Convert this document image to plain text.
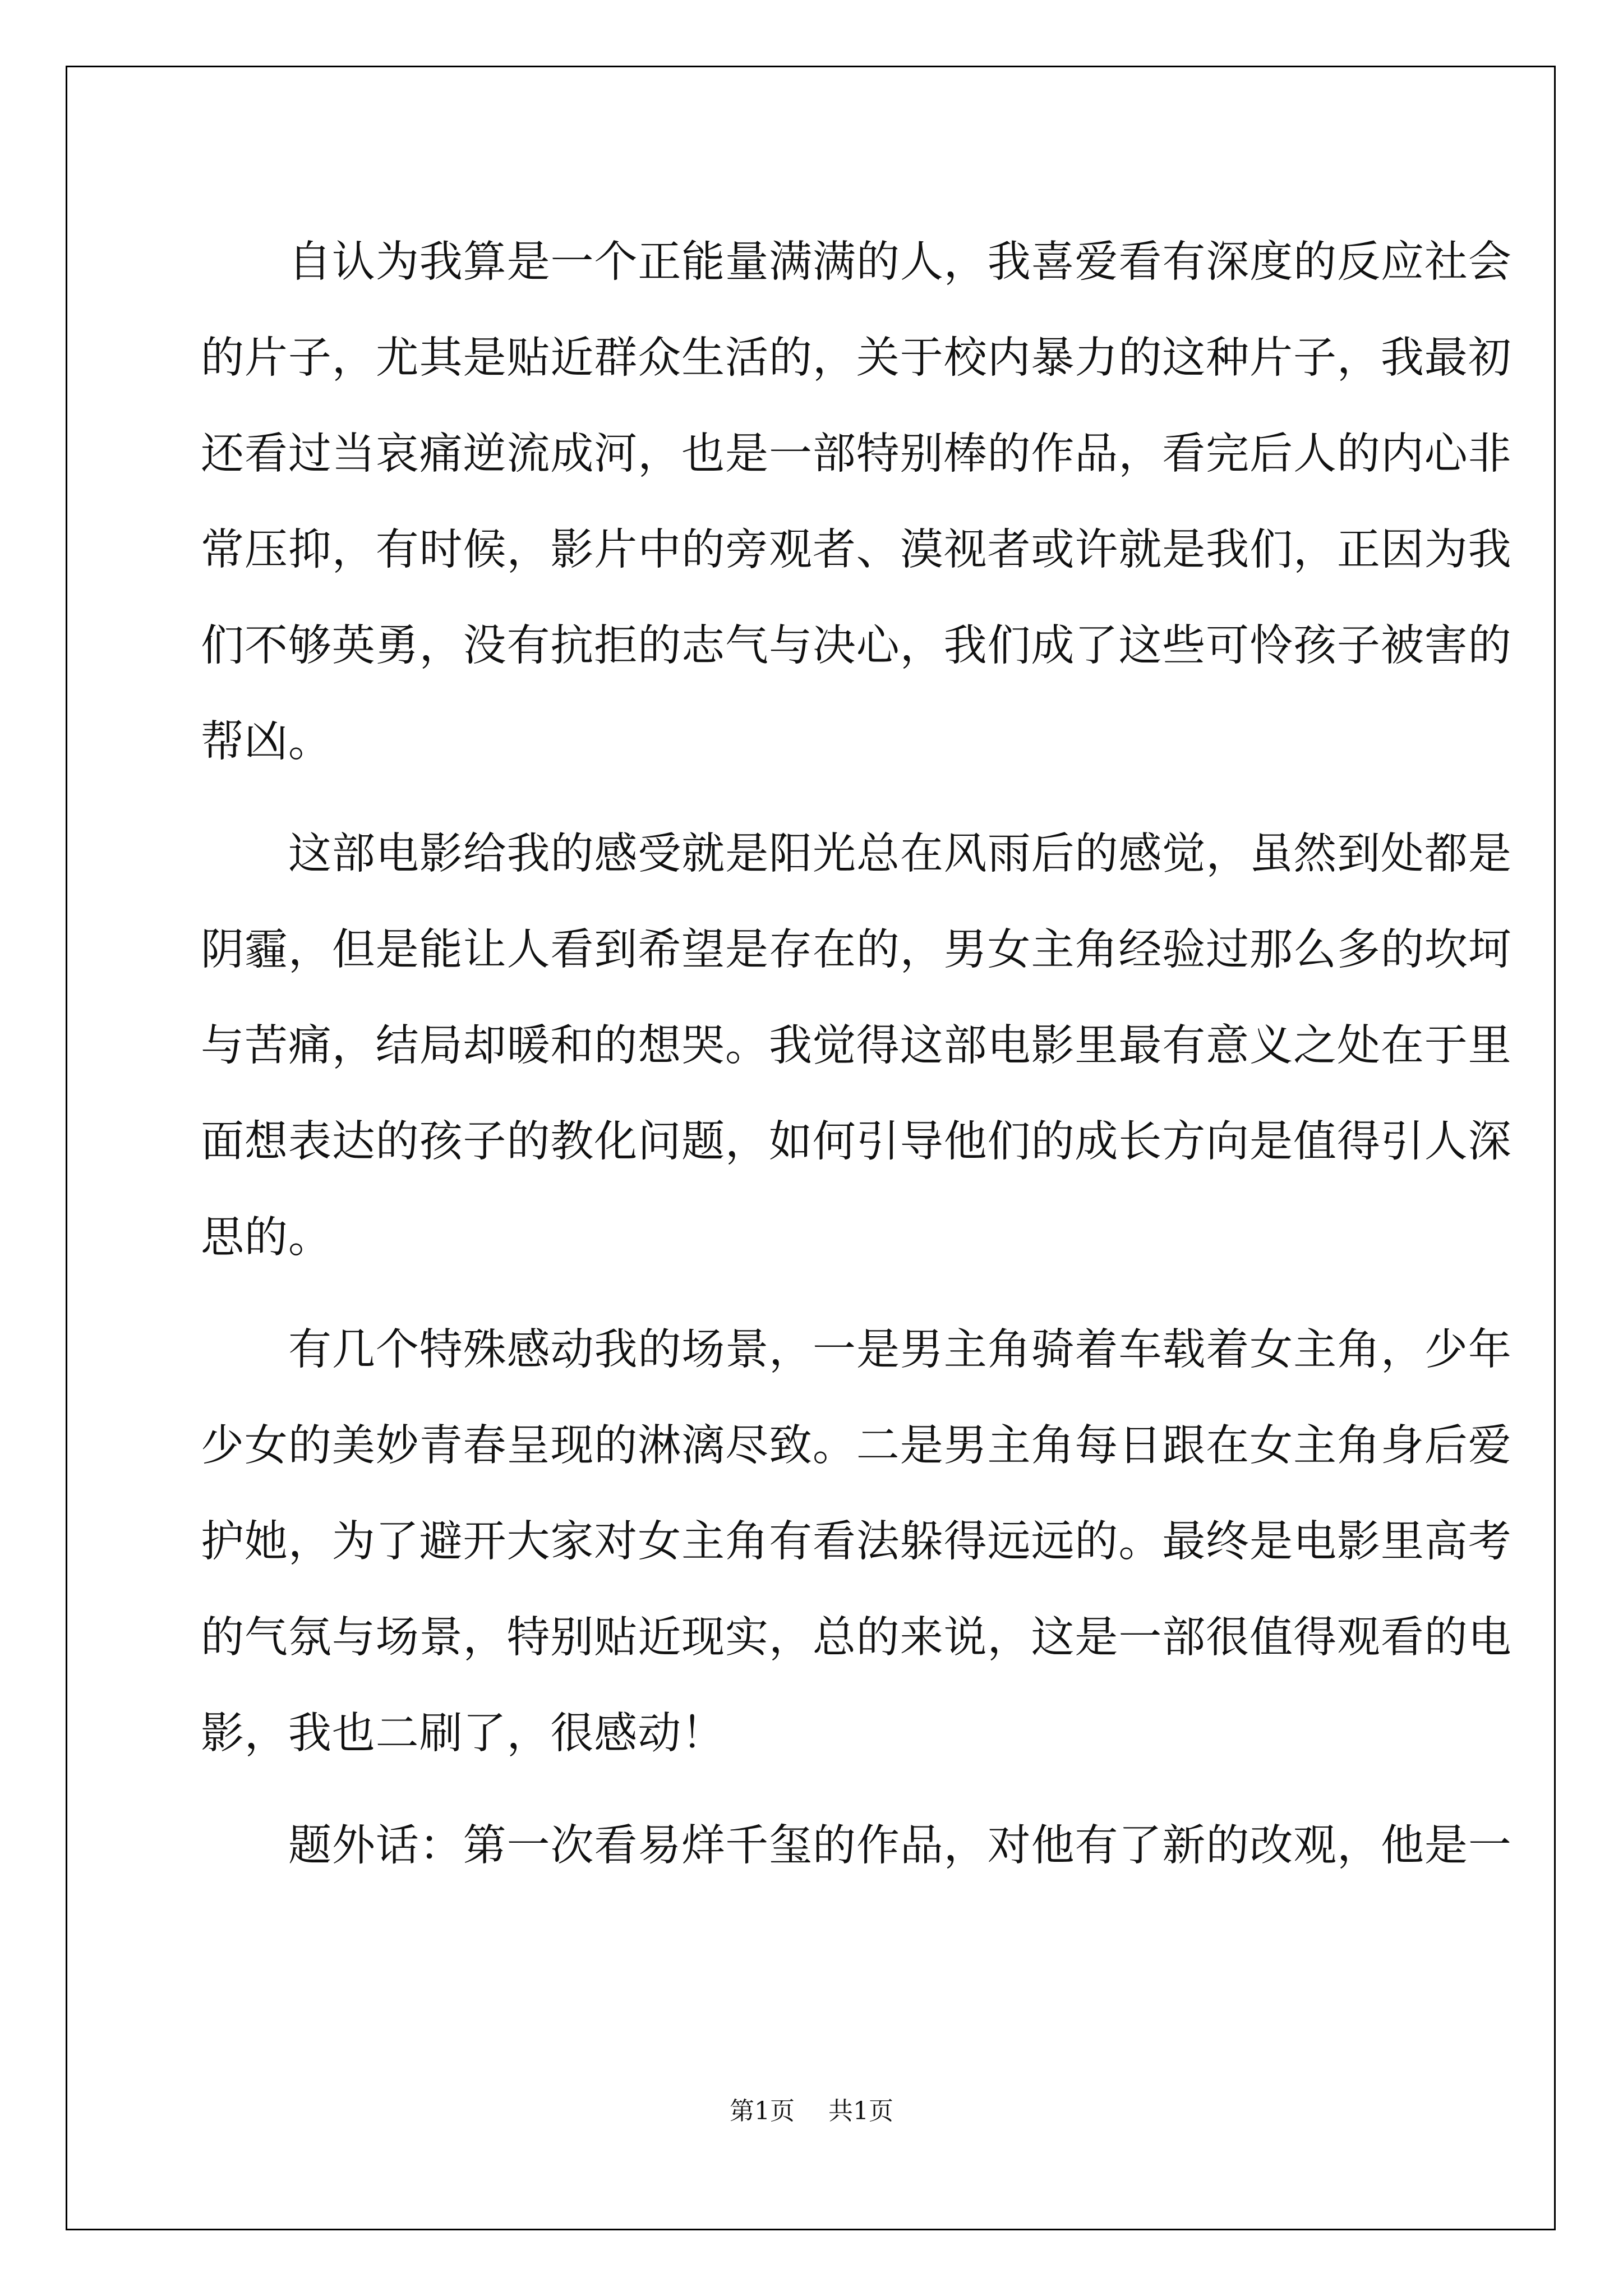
自认为我算是一个正能量满满的人，我喜爱看有深度的反应社会
的片子，尤其是贴近群众生活的，关于校内暴力的这种片子，我最初
还看过当哀痛逆流成河，也是一部特别棒的作品，看完后人的内心非
常压抑，有时候，影片中的旁观者、漠视者或许就是我们，正因为我
们不够英勇，没有抗拒的志气与决心，我们成了这些可怜孩子被害的
帮凶。

这部电影给我的感受就是阳光总在风雨后的感觉，虽然到处都是
阴霾，但是能让人看到希望是存在的，男女主角经验过那么多的坎坷
与苦痛，结局却暖和的想哭。我觉得这部电影里最有意义之处在于里
面想表达的孩子的教化问题，如何引导他们的成长方向是值得引人深
思的。

有几个特殊感动我的场景，一是男主角骑着车载着女主角，少年
少女的美妙青春呈现的淋漓尽致。二是男主角每日跟在女主角身后爱
护她，为了避开大家对女主角有看法躲得远远的。最终是电影里高考
的气氛与场景，特别贴近现实，总的来说，这是一部很值得观看的电
影，我也二刷了，很感动！

题外话：第一次看易烊千玺的作品，对他有了新的改观，他是一

第1页 共1页
